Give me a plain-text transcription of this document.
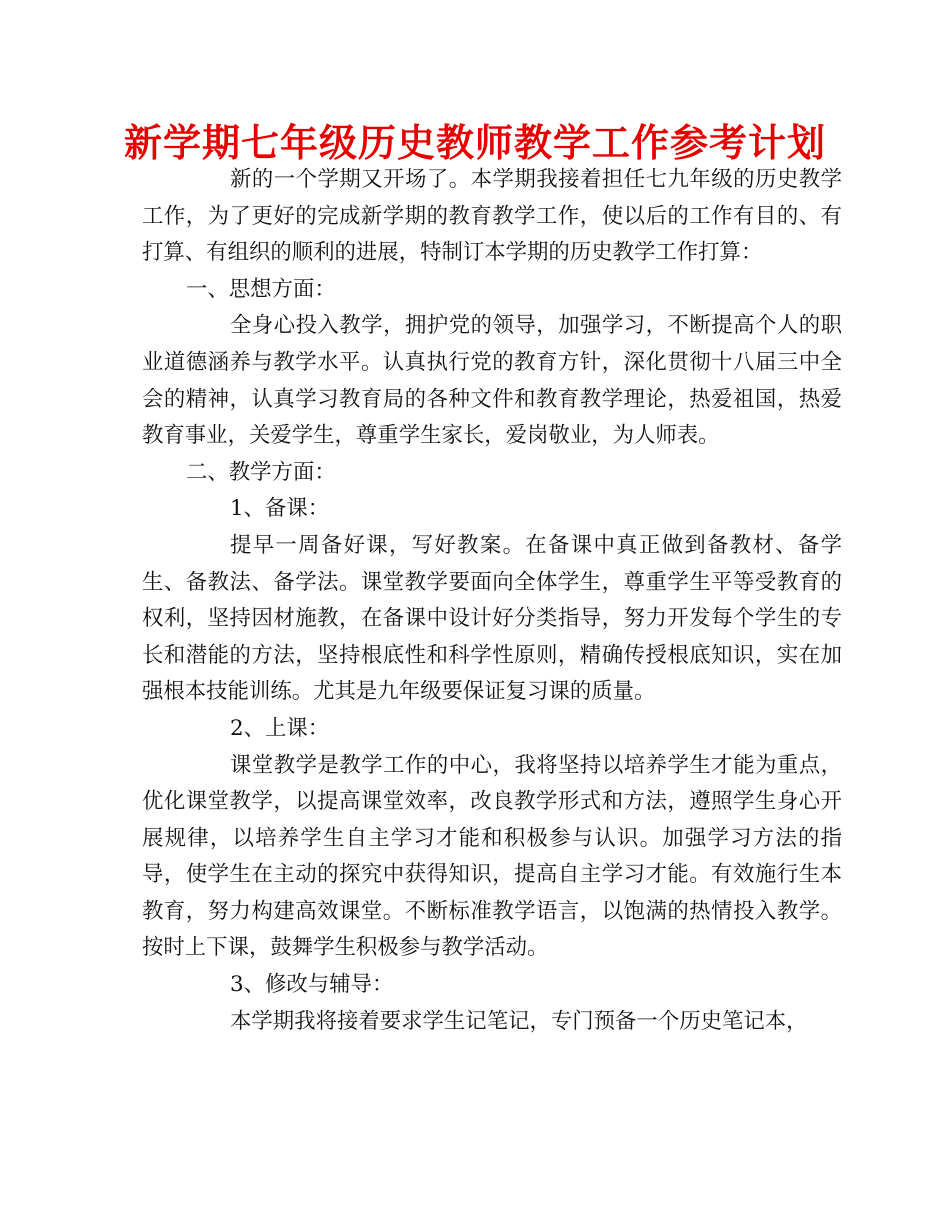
新学期七年级历史教师教学工作参考计划

新的一个学期又开场了。本学期我接着担任七九年级的历史教学工作，为了更好的完成新学期的教育教学工作，使以后的工作有目的、有打算、有组织的顺利的进展，特制订本学期的历史教学工作打算：

一、思想方面：

全身心投入教学，拥护党的领导，加强学习，不断提高个人的职业道德涵养与教学水平。认真执行党的教育方针，深化贯彻十八届三中全会的精神，认真学习教育局的各种文件和教育教学理论，热爱祖国，热爱教育事业，关爱学生，尊重学生家长，爱岗敬业，为人师表。

二、教学方面：

1、备课：

提早一周备好课，写好教案。在备课中真正做到备教材、备学生、备教法、备学法。课堂教学要面向全体学生，尊重学生平等受教育的权利，坚持因材施教，在备课中设计好分类指导，努力开发每个学生的专长和潜能的方法，坚持根底性和科学性原则，精确传授根底知识，实在加强根本技能训练。尤其是九年级要保证复习课的质量。

2、上课：

课堂教学是教学工作的中心，我将坚持以培养学生才能为重点，优化课堂教学，以提高课堂效率，改良教学形式和方法，遵照学生身心开展规律，以培养学生自主学习才能和积极参与认识。加强学习方法的指导，使学生在主动的探究中获得知识，提高自主学习才能。有效施行生本教育，努力构建高效课堂。不断标准教学语言，以饱满的热情投入教学。按时上下课，鼓舞学生积极参与教学活动。

3、修改与辅导：

本学期我将接着要求学生记笔记，专门预备一个历史笔记本，
